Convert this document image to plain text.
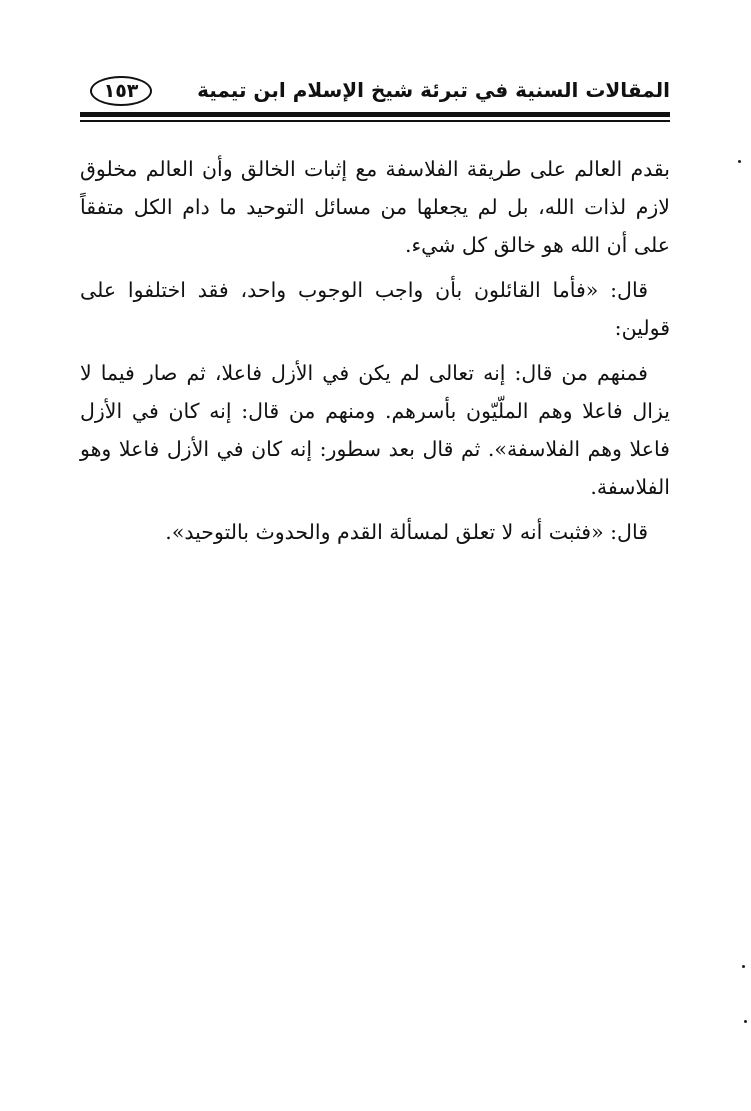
المقالات السنية في تبرئة شيخ الإسلام ابن تيمية
١٥٣

بقدم العالم على طريقة الفلاسفة مع إثبات الخالق وأن العالم مخلوق لازم لذات الله، بل لم يجعلها من مسائل التوحيد ما دام الكل متفقاً على أن الله هو خالق كل شيء.

قال: «فأما القائلون بأن واجب الوجوب واحد، فقد اختلفوا على قولين:

فمنهم من قال: إنه تعالى لم يكن في الأزل فاعلا، ثم صار فيما لا يزال فاعلا وهم الملّيّون بأسرهم. ومنهم من قال: إنه كان في الأزل فاعلا وهم الفلاسفة». ثم قال بعد سطور: إنه كان في الأزل فاعلا وهو الفلاسفة.

قال: «فثبت أنه لا تعلق لمسألة القدم والحدوث بالتوحيد».
